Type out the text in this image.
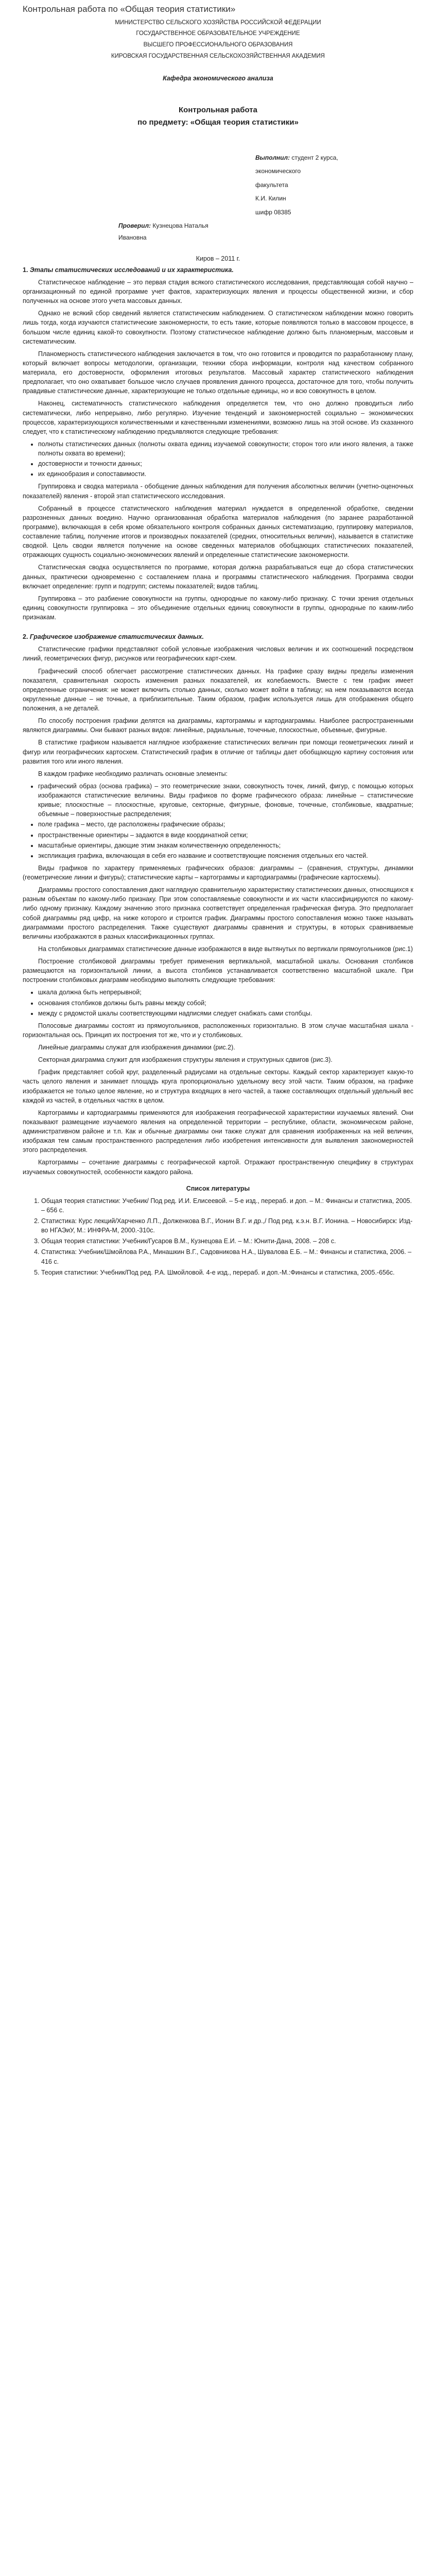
Контрольная работа по «Общая теория статистики»
МИНИСТЕРСТВО СЕЛЬСКОГО ХОЗЯЙСТВА РОССИЙСКОЙ ФЕДЕРАЦИИ
ГОСУДАРСТВЕННОЕ ОБРАЗОВАТЕЛЬНОЕ УЧРЕЖДЕНИЕ
ВЫСШЕГО ПРОФЕССИОНАЛЬНОГО ОБРАЗОВАНИЯ
КИРОВСКАЯ ГОСУДАРСТВЕННАЯ СЕЛЬСКОХОЗЯЙСТВЕННАЯ АКАДЕМИЯ
Кафедра экономического анализа
Контрольная работа
по предмету: «Общая теория статистики»
Выполнил: студент 2 курса,
экономического
факультета
К.И. Килин
шифр 08385
Проверил: Кузнецова Наталья
Ивановна
Киров – 2011 г.
1. Этапы статистических исследований и их характеристика.

Статистическое наблюдение – это первая стадия всякого статистического исследования, представляющая собой научно – организационный по единой программе учет фактов, характеризующих явления и процессы общественной жизни, и сбор полученных на основе этого учета массовых данных.

Однако не всякий сбор сведений является статистическим наблюдением. О статистическом наблюдении можно говорить лишь тогда, когда изучаются статистические закономерности, то есть такие, которые появляются только в массовом процессе, в большом числе единиц какой-то совокупности. Поэтому статистическое наблюдение должно быть планомерным, массовым и систематическим.

Планомерность статистического наблюдения заключается в том, что оно готовится и проводится по разработанному плану, который включает вопросы методологии, организации, техники сбора информации, контроля над качеством собранного материала, его достоверности, оформления итоговых результатов. Массовый характер статистического наблюдения предполагает, что оно охватывает большое число случаев проявления данного процесса, достаточное для того, чтобы получить правдивые статистические данные, характеризующие не только отдельные единицы, но и всю совокупность в целом.

Наконец, систематичность статистического наблюдения определяется тем, что оно должно проводиться либо систематически, либо непрерывно, либо регулярно. Изучение тенденций и закономерностей социально – экономических процессов, характеризующихся количественными и качественными изменениями, возможно лишь на этой основе. Из сказанного следует, что к статистическому наблюдению предъявляются следующие требования:

• полноты статистических данных (полноты охвата единиц изучаемой совокупности; сторон того или иного явления, а также полноты охвата во времени);
• достоверности и точности данных;
• их единообразия и сопоставимости.

Группировка и сводка материала - обобщение данных наблюдения для получения абсолютных величин (учетно-оценочных показателей) явления - второй этап статистического исследования.

Собранный в процессе статистического наблюдения материал нуждается в определенной обработке, сведении разрозненных данных воедино. Научно организованная обработка материалов наблюдения (по заранее разработанной программе), включающая в себя кроме обязательного контроля собранных данных систематизацию, группировку материалов, составление таблиц, получение итогов и производных показателей (средних, относительных величин), называется в статистике сводкой. Цель сводки является получение на основе сведенных материалов обобщающих статистических показателей, отражающих сущность социально-экономических явлений и определенные статистические закономерности.

Статистическая сводка осуществляется по программе, которая должна разрабатываться еще до сбора статистических данных, практически одновременно с составлением плана и программы статистического наблюдения. Программа сводки включает определение: групп и подгрупп; системы показателей; видов таблиц.

Группировка – это разбиение совокупности на группы, однородные по какому-либо признаку. С точки зрения отдельных единиц совокупности группировка – это объединение отдельных единиц совокупности в группы, однородные по каким-либо признакам.

2. Графическое изображение статистических данных.

Статистические графики представляют собой условные изображения числовых величин и их соотношений посредством линий, геометрических фигур, рисунков или географических карт-схем.

Графический способ облегчает рассмотрение статистических данных. На графике сразу видны пределы изменения показателя, сравнительная скорость изменения разных показателей, их колебаемость. Вместе с тем график имеет определенные ограничения: не может включить столько данных, сколько может войти в таблицу; на нем показываются всегда округленные данные – не точные, а приблизительные. Таким образом, график используется лишь для отображения общего положения, а не деталей.

По способу построения графики делятся на диаграммы, картограммы и картодиаграммы. Наиболее распространенными являются диаграммы. Они бывают разных видов: линейные, радиальные, точечные, плоскостные, объемные, фигурные.

В статистике графиком называется наглядное изображение статистических величин при помощи геометрических линий и фигур или географических картосхем. Статистический график в отличие от таблицы дает обобщающую картину состояния или развития того или иного явления.

В каждом графике необходимо различать основные элементы:

• графический образ (основа графика) – это геометрические знаки, совокупность точек, линий, фигур, с помощью которых изображаются статистические величины. Виды графиков по форме графического образа: линейные – статистические кривые; плоскостные – плоскостные, круговые, секторные, фигурные, фоновые, точечные, столбиковые, квадратные; объемные – поверхностные распределения;
• поле графика – место, где расположены графические образы;
• пространственные ориентиры – задаются в виде координатной сетки;
• масштабные ориентиры, дающие этим знакам количественную определенность;
• экспликация графика, включающая в себя его название и соответствующие пояснения отдельных его частей.

Виды графиков по характеру применяемых графических образов: диаграммы – (сравнения, структуры, динамики (геометрические линии и фигуры); статистические карты – картограммы и картодиаграммы (графические картосхемы).

Диаграммы простого сопоставления дают наглядную сравнительную характеристику статистических данных, относящихся к разным объектам по какому-либо признаку. При этом сопоставляемые совокупности и их части классифицируются по какому-либо одному признаку. Каждому значению этого признака соответствует определенная графическая фигура. Это предполагает собой диаграммы ряд цифр, на ниже которого и строится график. Диаграммы простого сопоставления можно также называть диаграммами простого распределения. Также существуют диаграммы сравнения и структуры, в которых сравниваемые величины изображаются в разных классификационных группах.

На столбиковых диаграммах статистические данные изображаются в виде вытянутых по вертикали прямоугольников (рис.1)

Построение столбиковой диаграммы требует применения вертикальной, масштабной шкалы. Основания столбиков размещаются на горизонтальной линии, а высота столбиков устанавливается соответственно масштабной шкале. При построении столбиковых диаграмм необходимо выполнять следующие требования:

• шкала должна быть непрерывной;
• основания столбиков должны быть равны между собой;
• между с рядомстой шкалы соответствующими надписями следует снабжать сами столбцы.

Полосовые диаграммы состоят из прямоугольников, расположенных горизонтально. В этом случае масштабная шкала - горизонтальная ось. Принцип их построения тот же, что и у столбиковых.

Линейные диаграммы служат для изображения динамики (рис.2).

Секторная диаграмма служит для изображения структуры явления и структурных сдвигов (рис.3).

График представляет собой круг, разделенный радиусами на отдельные секторы. Каждый сектор характеризует какую-то часть целого явления и занимает площадь круга пропорционально удельному весу этой части. Таким образом, на графике изображается не только целое явление, но и структура входящих в него частей, а также составляющих отдельный удельный вес каждой из частей, в отдельных частях в целом.

Картограммы и картодиаграммы применяются для изображения географической характеристики изучаемых явлений. Они показывают размещение изучаемого явления на определенной территории – республике, области, экономическом районе, административном районе и т.п. Как и обычные диаграммы они также служат для сравнения изображенных на ней величин, изображая тем самым пространственного распределения либо изобретения интенсивности для выявления закономерностей этого распределения.

Картограммы – сочетание диаграммы с географической картой. Отражают пространственную специфику в структурах изучаемых совокупностей, особенности каждого района.

Список литературы
1. Общая теория статистики: Учебник/ Под ред. И.И. Елисеевой. – 5-е изд., перераб. и доп. – М.: Финансы и статистика, 2005. – 656 с.
2. Статистика: Курс лекций/Харченко Л.П., Долженкова В.Г., Ионин В.Г. и др.,/ Под ред. к.э.н. В.Г. Ионина. – Новосибирск: Изд-во НГАЭиУ, М.: ИНФРА-М, 2000.-310с.
3. Общая теория статистики: Учебник/Гусаров В.М., Кузнецова Е.И. – М.: Юнити-Дана, 2008. – 208 с.
4. Статистика: Учебник/Шмойлова Р.А., Минашкин В.Г., Садовникова Н.А., Шувалова Е.Б. – М.: Финансы и статистика, 2006. – 416 с.
5. Теория статистики: Учебник/Под ред. Р.А. Шмойловой. 4-е изд., перераб. и доп.-М.:Финансы и статистика, 2005.-656с.
